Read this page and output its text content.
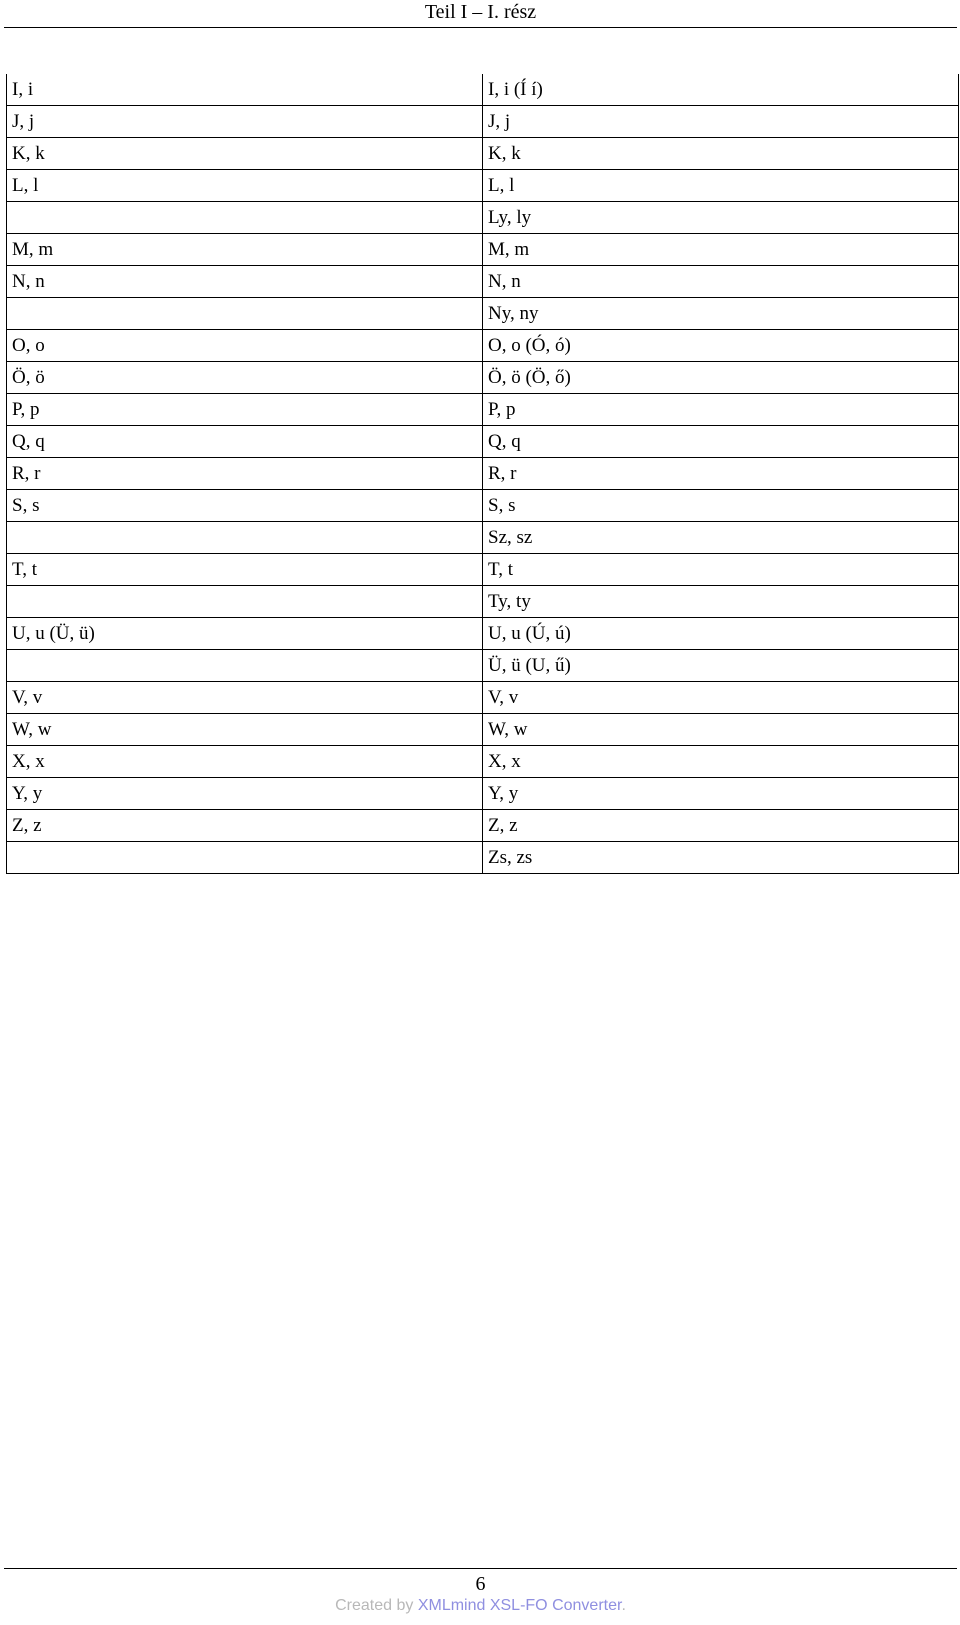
Teil I – I. rész
I, i	I, i (Í í)
J, j	J, j
K, k	K, k
L, l	L, l
	Ly, ly
M, m	M, m
N, n	N, n
	Ny, ny
O, o	O, o (Ó, ó)
Ö, ö	Ö, ö (Ö, ő)
P, p	P, p
Q, q	Q, q
R, r	R, r
S, s	S, s
	Sz, sz
T, t	T, t
	Ty, ty
U, u (Ü, ü)	U, u (Ú, ú)
	Ü, ü (U, ű)
V, v	V, v
W, w	W, w
X, x	X, x
Y, y	Y, y
Z, z	Z, z
	Zs, zs
6
Created by XMLmind XSL-FO Converter.
